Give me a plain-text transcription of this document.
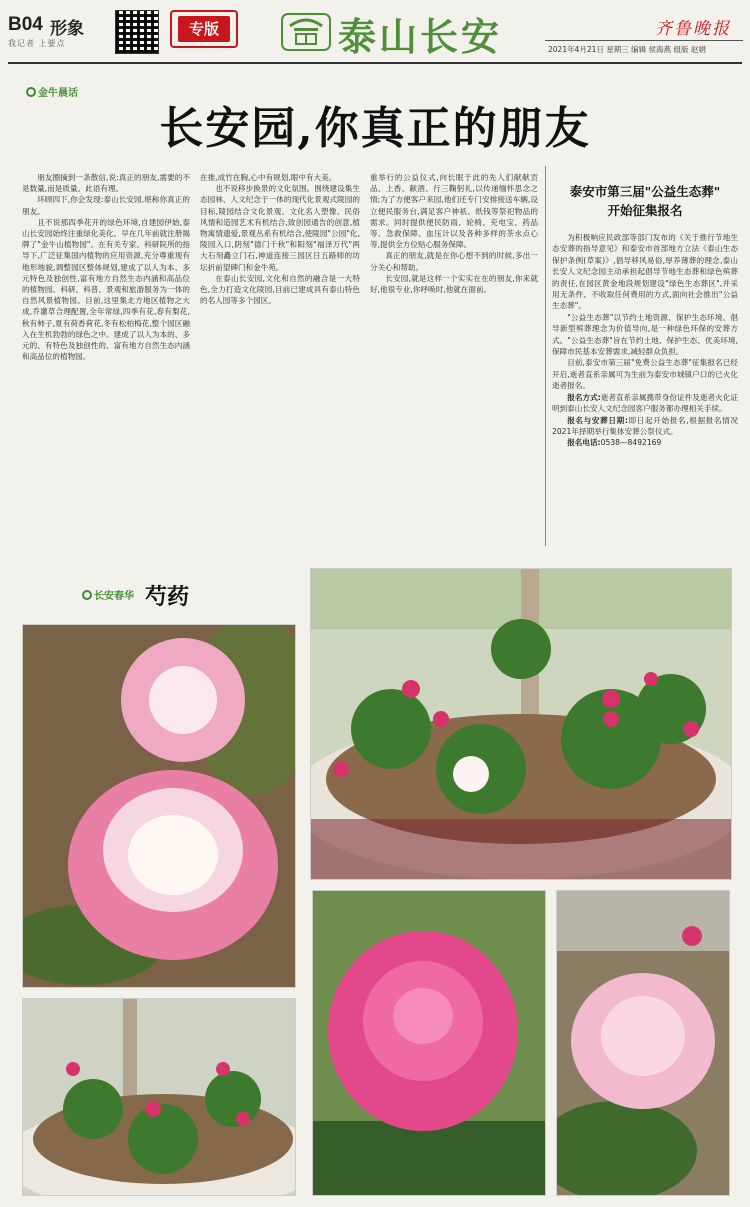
B04 形象
我记者 上要点
专版	泰山长安	齐鲁晚报
2021年4月21日 星期三 编辑 侯海燕 组版 赵娟
金牛晨话
长安园,你真正的朋友

朋友圈摘到一条散信,说:真正的朋友,需要的不是数量,而是质量。此语有理。

环顾四下,你会发现:泰山长安园,堪称你真正的朋友。

且不说那四季花开的绿色环境,自建园伊始,泰山长安园始终注重绿化美化。早在几年前就注册揭牌了"金牛山植物园"。在有关专家、科研院所的指导下,广泛征集国内植物的应用资源,充分尊重现有地形地貌,调整园区整体规划,建成了以人为本、多元特色及独创性,富有地方自然生态内涵和高品位的植物园。科研、科普、景观和旅游服务为一体的自然风景植物园。目前,这里集北方地区植物之大成,乔灌草合理配置,全年常绿,四季有花,春有梨花,秋有柿子,夏有荷香荷花,冬有松柏梅花,整个园区融入在生机勃勃的绿色之中。建成了以人为本的、多元的、有特色及独创性的、富有地方自然生态内涵和高品位的植物园。

在推,成竹在胸,心中有规划,眼中有大美。

也不说移步换景的文化氛围。围绕建设集生态园林、人文纪念于一体的现代化景观式陵园的目标,陵园结合文化景观、文化名人塑像、民俗风情和造园艺术有机结合,致创园通告的创意,植物寓情遗爱,景观丛系有机结合,使陵园"公园"化,陵园入口,阴刻"德门千秋"和阳刻"福泽万代"两大石刻矗立门石,神道连接三园区日五路师的坊坛折前望碑门和金牛苑。

在泰山长安园,文化和自然的融合是一大特色,全力打造文化陵园,目前已建成具有泰山特色的名人园等多个园区。

重举行的公益仪式,向长眠于此的先人们献献贡品、上香、献酒、行三鞠躬礼,以传递缅怀思念之情;为了方便客户来园,他们还专门安排接送车辆,设立便民服务台,满足客户神祇、纸钱等祭祀物品的需求。同时提供便民防雨、轮椅、充电宝、药品等、急救保障、血压计以及各种多样的茶水点心等,提供全方位贴心服务保障。

真正的朋友,就是在你心想不到的时候,多出一分关心和帮助。

长安园,就是这样一个实实在在的朋友,你来就好,他很专业,你呼唤时,他就在面前。

泰安市第三届"公益生态葬"
开始征集报名

为积极响应民政部等部门发布的《关于推行节地生态安葬的指导意见》和泰安市首部地方立法《泰山生态保护条例(草案)》,倡导移风易俗,厚养薄葬的理念,泰山长安人文纪念园主动承担起倡导节地生态葬和绿色殡葬的责任,在园区黄金地段规划建设"绿色生态葬区",并采用无条件、不收取任何费用的方式,面向社会推出"公益生态葬"。

"公益生态葬"以节约土地资源、保护生态环境、倡导新型殡葬理念为价值导向,是一种绿色环保的安葬方式。"公益生态葬"旨在节约土地、保护生态、优美环境,保障市民基本安葬需求,减轻群众负担。

目前,泰安市第三届"免费公益生态葬"征集报名已经开启,逝者直系亲属可为生前为泰安市城镇户口的已火化逝者报名。

报名方式:逝者直系亲属携带身份证件及逝者火化证明到泰山长安人文纪念园客户服务都办理相关手续。

报名与安葬日期:即日起开始报名,根据报名情况2021年择期举行集体安葬公祭仪式。

报名电话:0538—8492169

长安春华 芍药
